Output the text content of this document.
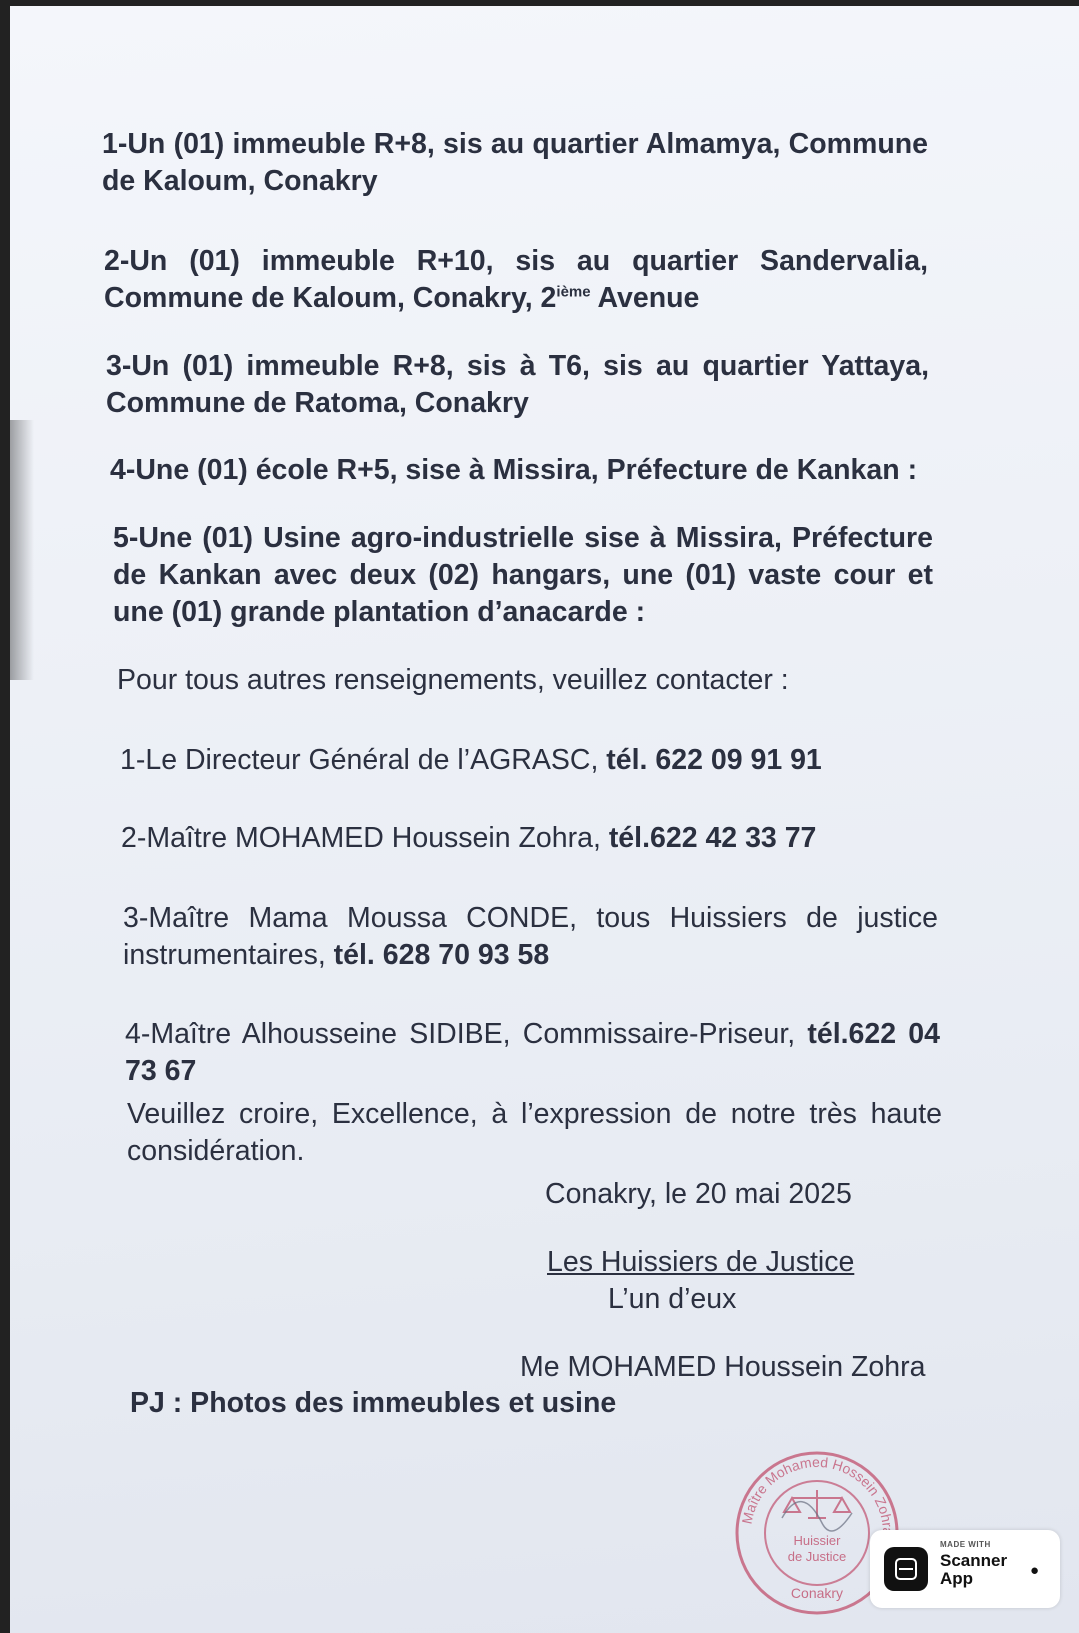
1-Un (01) immeuble R+8, sis au quartier Almamya, Commune de Kaloum, Conakry

2-Un (01) immeuble R+10, sis au quartier Sandervalia, Commune de Kaloum, Conakry, 2ième Avenue

3-Un (01) immeuble R+8, sis à T6, sis au quartier Yattaya, Commune de Ratoma, Conakry

4-Une (01) école R+5, sise à Missira, Préfecture de Kankan :

5-Une (01) Usine agro-industrielle sise à Missira, Préfecture de Kankan avec deux (02) hangars, une (01) vaste cour et une (01) grande plantation d’anacarde :

Pour tous autres renseignements, veuillez contacter :

1-Le Directeur Général de l’AGRASC, tél. 622 09 91 91

2-Maître MOHAMED Houssein Zohra, tél.622 42 33 77

3-Maître Mama Moussa CONDE, tous Huissiers de justice instrumentaires, tél. 628 70 93 58

4-Maître Alhousseine SIDIBE, Commissaire-Priseur, tél.622 04 73 67

Veuillez croire, Excellence, à l’expression de notre très haute considération.

Conakry, le 20 mai 2025
Les Huissiers de Justice
L’un d’eux
Me MOHAMED Houssein Zohra
PJ : Photos des immeubles et usine
Maître Mohamed Hossein Zohr
Huissier
de Justice
Conakry
MADE WITH
Scanner
App	●
